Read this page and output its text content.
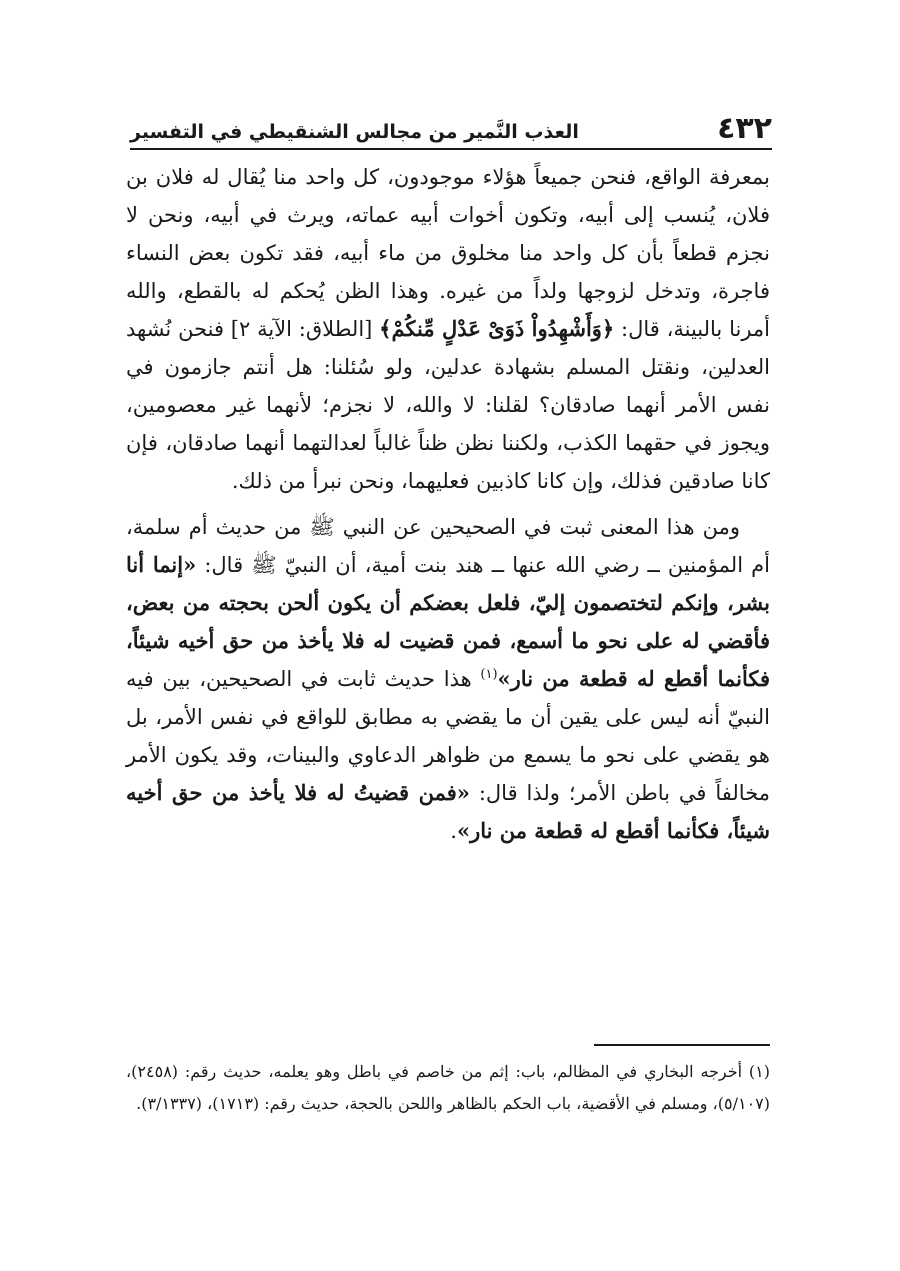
٤٣٢
العذب النَّمير من مجالس الشنقيطي في التفسير

بمعرفة الواقع، فنحن جميعاً هؤلاء موجودون، كل واحد منا يُقال له فلان بن فلان، يُنسب إلى أبيه، وتكون أخوات أبيه عماته، ويرث في أبيه، ونحن لا نجزم قطعاً بأن كل واحد منا مخلوق من ماء أبيه، فقد تكون بعض النساء فاجرة، وتدخل لزوجها ولداً من غيره. وهذا الظن يُحكم له بالقطع، والله أمرنا بالبينة، قال: ﴿وَأَشْهِدُواْ ذَوَىْ عَدْلٍ مِّنكُمْ﴾ [الطلاق: الآية ٢] فنحن نُشهد العدلين، ونقتل المسلم بشهادة عدلين، ولو سُئلنا: هل أنتم جازمون في نفس الأمر أنهما صادقان؟ لقلنا: لا والله، لا نجزم؛ لأنهما غير معصومين، ويجوز في حقهما الكذب، ولكننا نظن ظناً غالباً لعدالتهما أنهما صادقان، فإن كانا صادقين فذلك، وإن كانا كاذبين فعليهما، ونحن نبرأ من ذلك.

ومن هذا المعنى ثبت في الصحيحين عن النبي ﷺ من حديث أم سلمة، أم المؤمنين ــ رضي الله عنها ــ هند بنت أمية، أن النبيّ ﷺ قال: «إنما أنا بشر، وإنكم لتختصمون إليّ، فلعل بعضكم أن يكون ألحن بحجته من بعض، فأقضي له على نحو ما أسمع، فمن قضيت له فلا يأخذ من حق أخيه شيئاً، فكأنما أقطع له قطعة من نار»$^{(١)}$ هذا حديث ثابت في الصحيحين، بين فيه النبيّ أنه ليس على يقين أن ما يقضي به مطابق للواقع في نفس الأمر، بل هو يقضي على نحو ما يسمع من ظواهر الدعاوي والبينات، وقد يكون الأمر مخالفاً في باطن الأمر؛ ولذا قال: «فمن قضيتُ له فلا يأخذ من حق أخيه شيئاً، فكأنما أقطع له قطعة من نار».

(١) أخرجه البخاري في المظالم، باب: إثم من خاصم في باطل وهو يعلمه، حديث رقم: (٢٤٥٨)، (٥/١٠٧)، ومسلم في الأقضية، باب الحكم بالظاهر واللحن بالحجة، حديث رقم: (١٧١٣)، (٣/١٣٣٧).
